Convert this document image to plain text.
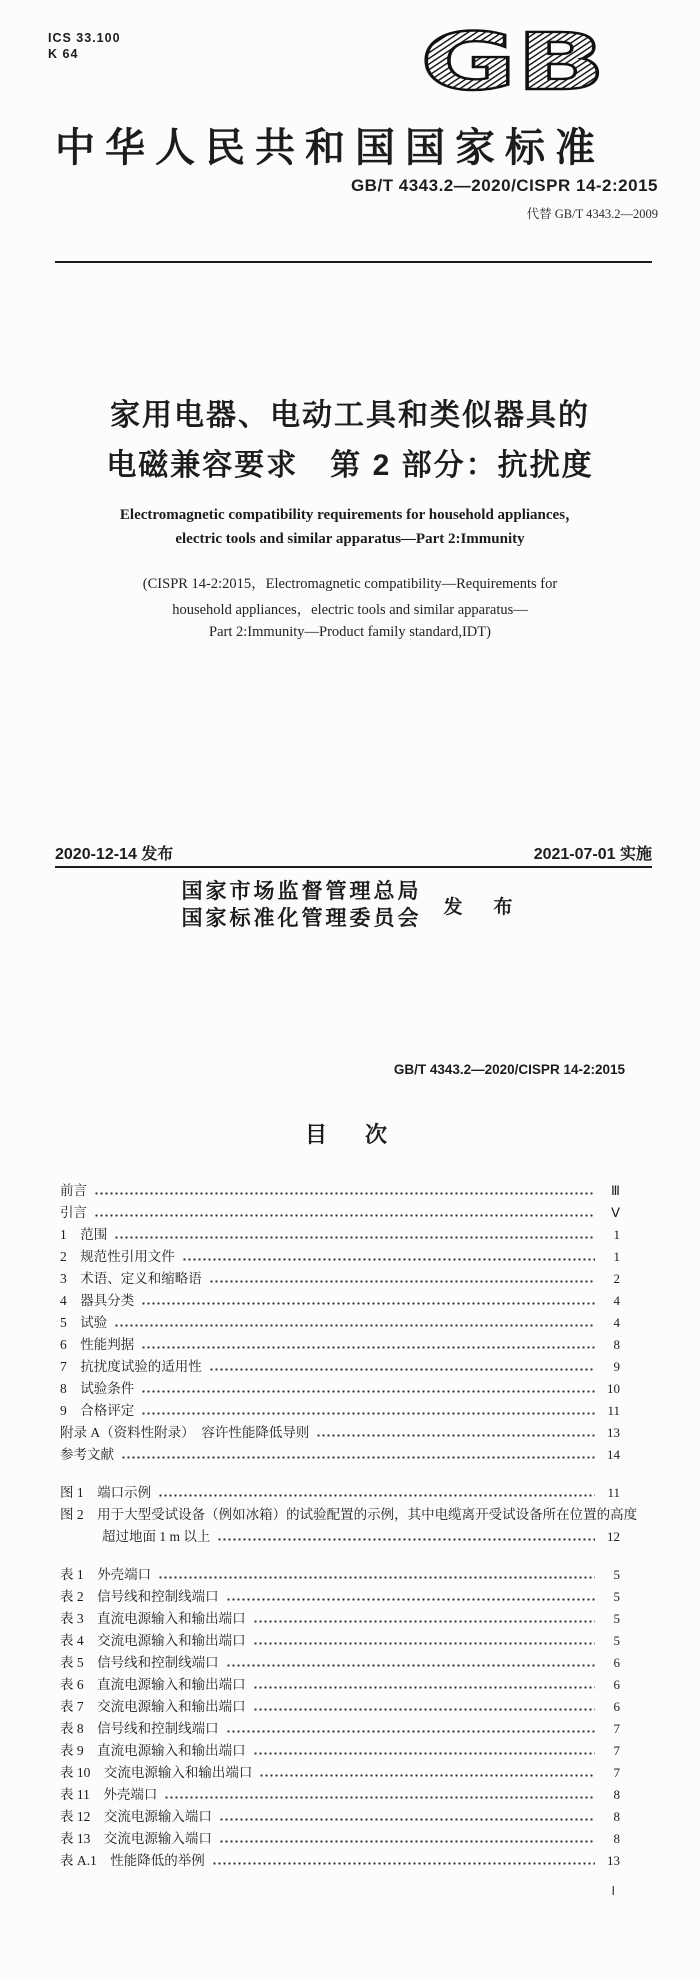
ICS 33.100
K 64	GB
中华人民共和国国家标准
GB/T 4343.2—2020/CISPR 14-2:2015
代替 GB/T 4343.2—2009
家用电器、电动工具和类似器具的
电磁兼容要求　第 2 部分：抗扰度
Electromagnetic compatibility requirements for household appliances，
electric tools and similar apparatus—Part 2:Immunity
(CISPR 14-2:2015，Electromagnetic compatibility—Requirements for
household appliances，electric tools and similar apparatus—
Part 2:Immunity—Product family standard,IDT)
2020-12-14 发布	2021-07-01 实施
国家市场监督管理总局
国家标准化管理委员会 发　布
GB/T 4343.2—2020/CISPR 14-2:2015
目　次
前言	Ⅲ
引言	Ⅴ
1　范围	1
2　规范性引用文件	1
3　术语、定义和缩略语	2
4　器具分类	4
5　试验	4
6　性能判据	8
7　抗扰度试验的适用性	9
8　试验条件	10
9　合格评定	11
附录 A（资料性附录）　容许性能降低导则	13
参考文献	14
图 1　端口示例	11
图 2　用于大型受试设备（例如冰箱）的试验配置的示例，其中电缆离开受试设备所在位置的高度
超过地面 1 m 以上	12
表 1　外壳端口	5
表 2　信号线和控制线端口	5
表 3　直流电源输入和输出端口	5
表 4　交流电源输入和输出端口	5
表 5　信号线和控制线端口	6
表 6　直流电源输入和输出端口	6
表 7　交流电源输入和输出端口	6
表 8　信号线和控制线端口	7
表 9　直流电源输入和输出端口	7
表 10　交流电源输入和输出端口	7
表 11　外壳端口	8
表 12　交流电源输入端口	8
表 13　交流电源输入端口	8
表 A.1　性能降低的举例	13
Ⅰ
